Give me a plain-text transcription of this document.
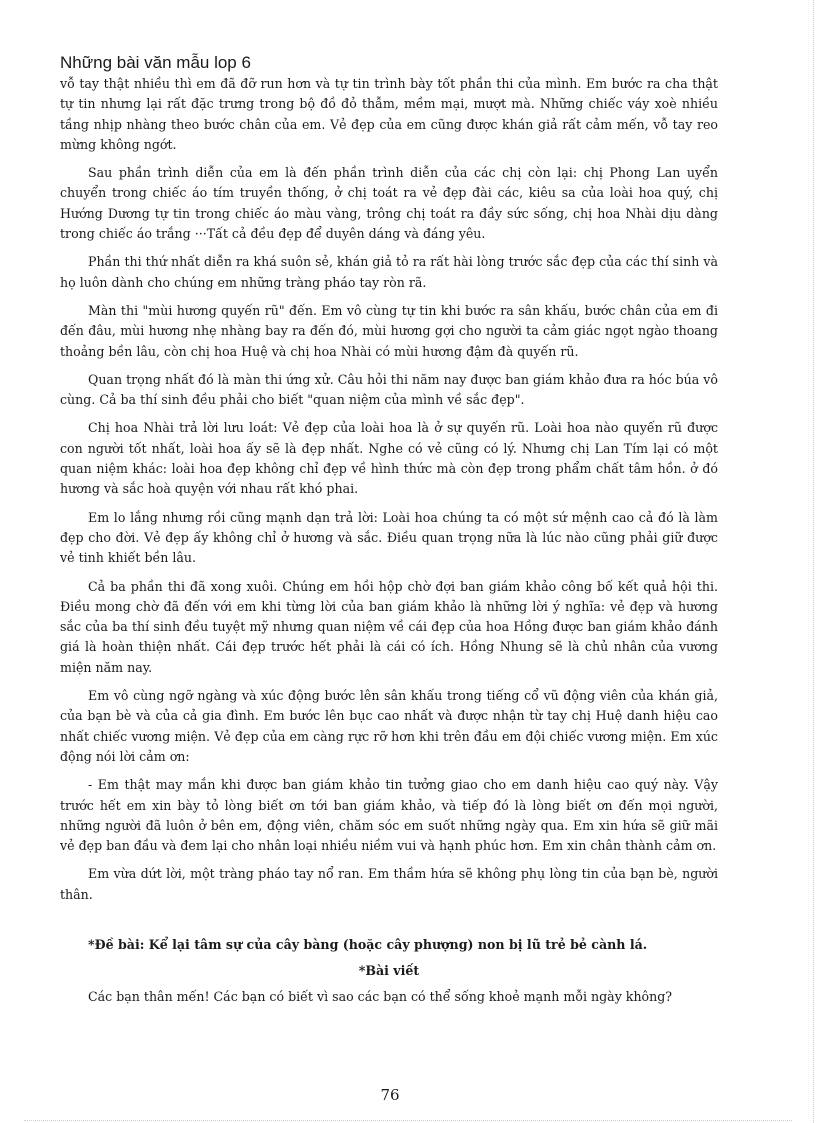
Những bài văn mẫu lop 6

vỗ tay thật nhiều thì em đã đỡ run hơn và tự tin trình bày tốt phần thi của mình. Em bước ra cha thật tự tin nhưng lại rất đặc trưng trong bộ đồ đỏ thẫm, mềm mại, mượt mà. Những chiếc váy xoè nhiều tầng nhịp nhàng theo bước chân của em. Vẻ đẹp của em cũng được khán giả rất cảm mến, vỗ tay reo mừng không ngớt.

Sau phần trình diễn của em là đến phần trình diễn của các chị còn lại: chị Phong Lan uyển chuyển trong chiếc áo tím truyền thống, ở chị toát ra vẻ đẹp đài các, kiêu sa của loài hoa quý, chị Hướng Dương tự tin trong chiếc áo màu vàng, trông chị toát ra đầy sức sống, chị hoa Nhài dịu dàng trong chiếc áo trắng ···Tất cả đều đẹp để duyên dáng và đáng yêu.

Phần thi thứ nhất diễn ra khá suôn sẻ, khán giả tỏ ra rất hài lòng trước sắc đẹp của các thí sinh và họ luôn dành cho chúng em những tràng pháo tay ròn rã.

Màn thi "mùi hương quyến rũ" đến. Em vô cùng tự tin khi bước ra sân khấu, bước chân của em đi đến đâu, mùi hương nhẹ nhàng bay ra đến đó, mùi hương gợi cho người ta cảm giác ngọt ngào thoang thoảng bền lâu, còn chị hoa Huệ và chị hoa Nhài có mùi hương đậm đà quyến rũ.

Quan trọng nhất đó là màn thi ứng xử. Câu hỏi thi năm nay được ban giám khảo đưa ra hóc búa vô cùng. Cả ba thí sinh đều phải cho biết "quan niệm của mình về sắc đẹp".

Chị hoa Nhài trả lời lưu loát: Vẻ đẹp của loài hoa là ở sự quyến rũ. Loài hoa nào quyến rũ được con người tốt nhất, loài hoa ấy sẽ là đẹp nhất. Nghe có vẻ cũng có lý. Nhưng chị Lan Tím lại có một quan niệm khác: loài hoa đẹp không chỉ đẹp về hình thức mà còn đẹp trong phẩm chất tâm hồn. ở đó hương và sắc hoà quyện với nhau rất khó phai.

Em lo lắng nhưng rồi cũng mạnh dạn trả lời: Loài hoa chúng ta có một sứ mệnh cao cả đó là làm đẹp cho đời. Vẻ đẹp ấy không chỉ ở hương và sắc. Điều quan trọng nữa là lúc nào cũng phải giữ được vẻ tinh khiết bền lâu.

Cả ba phần thi đã xong xuôi. Chúng em hồi hộp chờ đợi ban giám khảo công bố kết quả hội thi. Điều mong chờ đã đến với em khi từng lời của ban giám khảo là những lời ý nghĩa: vẻ đẹp và hương sắc của ba thí sinh đều tuyệt mỹ nhưng quan niệm về cái đẹp của hoa Hồng được ban giám khảo đánh giá là hoàn thiện nhất. Cái đẹp trước hết phải là cái có ích. Hồng Nhung sẽ là chủ nhân của vương miện năm nay.

Em vô cùng ngỡ ngàng và xúc động bước lên sân khấu trong tiếng cổ vũ động viên của khán giả, của bạn bè và của cả gia đình. Em bước lên bục cao nhất và được nhận từ tay chị Huệ danh hiệu cao nhất chiếc vương miện. Vẻ đẹp của em càng rực rỡ hơn khi trên đầu em đội chiếc vương miện. Em xúc động nói lời cảm ơn:

- Em thật may mắn khi được ban giám khảo tin tưởng giao cho em danh hiệu cao quý này. Vậy trước hết em xin bày tỏ lòng biết ơn tới ban giám khảo, và tiếp đó là lòng biết ơn đến mọi người, những người đã luôn ở bên em, động viên, chăm sóc em suốt những ngày qua. Em xin hứa sẽ giữ mãi vẻ đẹp ban đầu và đem lại cho nhân loại nhiều niềm vui và hạnh phúc hơn. Em xin chân thành cảm ơn.

Em vừa dứt lời, một tràng pháo tay nổ ran. Em thầm hứa sẽ không phụ lòng tin của bạn bè, người thân.

*Đề bài: Kể lại tâm sự của cây bàng (hoặc cây phượng) non bị lũ trẻ bẻ cành lá.
*Bài viết

Các bạn thân mến! Các bạn có biết vì sao các bạn có thể sống khoẻ mạnh mỗi ngày không?

76
